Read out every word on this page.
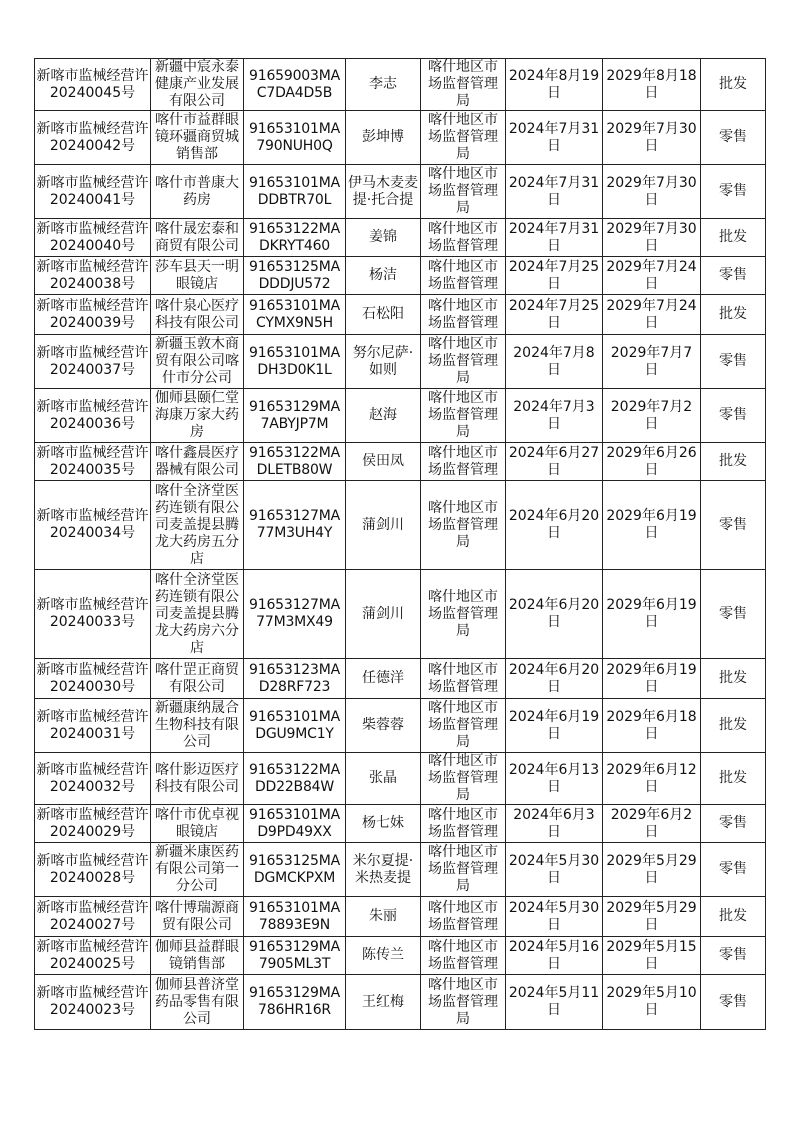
新喀市监械经营许20240045号	新疆中宸永泰健康产业发展有限公司	91659003MAC7DA4D5B	李志	喀什地区市场监督管理局	2024年8月19日	2029年8月18日	批发
新喀市监械经营许20240042号	喀什市益群眼镜环疆商贸城销售部	91653101MA790NUH0Q	彭坤博	喀什地区市场监督管理局	2024年7月31日	2029年7月30日	零售
新喀市监械经营许20240041号	喀什市普康大药房	91653101MADDBTR70L	伊马木麦麦提·托合提	喀什地区市场监督管理局	2024年7月31日	2029年7月30日	零售
新喀市监械经营许20240040号	喀什晟宏泰和商贸有限公司	91653122MADKRYT460	姜锦	喀什地区市场监督管理	2024年7月31日	2029年7月30日	批发
新喀市监械经营许20240038号	莎车县天一明眼镜店	91653125MADDDJU572	杨洁	喀什地区市场监督管理	2024年7月25日	2029年7月24日	零售
新喀市监械经营许20240039号	喀什泉心医疗科技有限公司	91653101MACYMX9N5H	石松阳	喀什地区市场监督管理	2024年7月25日	2029年7月24日	批发
新喀市监械经营许20240037号	新疆玉敦木商贸有限公司喀什市分公司	91653101MADH3D0K1L	努尔尼萨·如则	喀什地区市场监督管理局	2024年7月8日	2029年7月7日	零售
新喀市监械经营许20240036号	伽师县颐仁堂海康万家大药房	91653129MA7ABYJP7M	赵海	喀什地区市场监督管理局	2024年7月3日	2029年7月2日	零售
新喀市监械经营许20240035号	喀什鑫晨医疗器械有限公司	91653122MADLETB80W	侯田凤	喀什地区市场监督管理	2024年6月27日	2029年6月26日	批发
新喀市监械经营许20240034号	喀什全济堂医药连锁有限公司麦盖提县腾龙大药房五分店	91653127MA77M3UH4Y	蒲剑川	喀什地区市场监督管理局	2024年6月20日	2029年6月19日	零售
新喀市监械经营许20240033号	喀什全济堂医药连锁有限公司麦盖提县腾龙大药房六分店	91653127MA77M3MX49	蒲剑川	喀什地区市场监督管理局	2024年6月20日	2029年6月19日	零售
新喀市监械经营许20240030号	喀什罡正商贸有限公司	91653123MAD28RF723	任德洋	喀什地区市场监督管理	2024年6月20日	2029年6月19日	批发
新喀市监械经营许20240031号	新疆康纳晟合生物科技有限公司	91653101MADGU9MC1Y	柴蓉蓉	喀什地区市场监督管理局	2024年6月19日	2029年6月18日	批发
新喀市监械经营许20240032号	喀什影迈医疗科技有限公司	91653122MADD22B84W	张晶	喀什地区市场监督管理局	2024年6月13日	2029年6月12日	批发
新喀市监械经营许20240029号	喀什市优卓视眼镜店	91653101MAD9PD49XX	杨七妹	喀什地区市场监督管理	2024年6月3日	2029年6月2日	零售
新喀市监械经营许20240028号	新疆米康医药有限公司第一分公司	91653125MADGMCKPXM	米尔夏提·米热麦提	喀什地区市场监督管理局	2024年5月30日	2029年5月29日	零售
新喀市监械经营许20240027号	喀什博瑞源商贸有限公司	91653101MA78893E9N	朱丽	喀什地区市场监督管理	2024年5月30日	2029年5月29日	批发
新喀市监械经营许20240025号	伽师县益群眼镜销售部	91653129MA7905ML3T	陈传兰	喀什地区市场监督管理	2024年5月16日	2029年5月15日	零售
新喀市监械经营许20240023号	伽师县普济堂药品零售有限公司	91653129MA786HR16R	王红梅	喀什地区市场监督管理局	2024年5月11日	2029年5月10日	零售
